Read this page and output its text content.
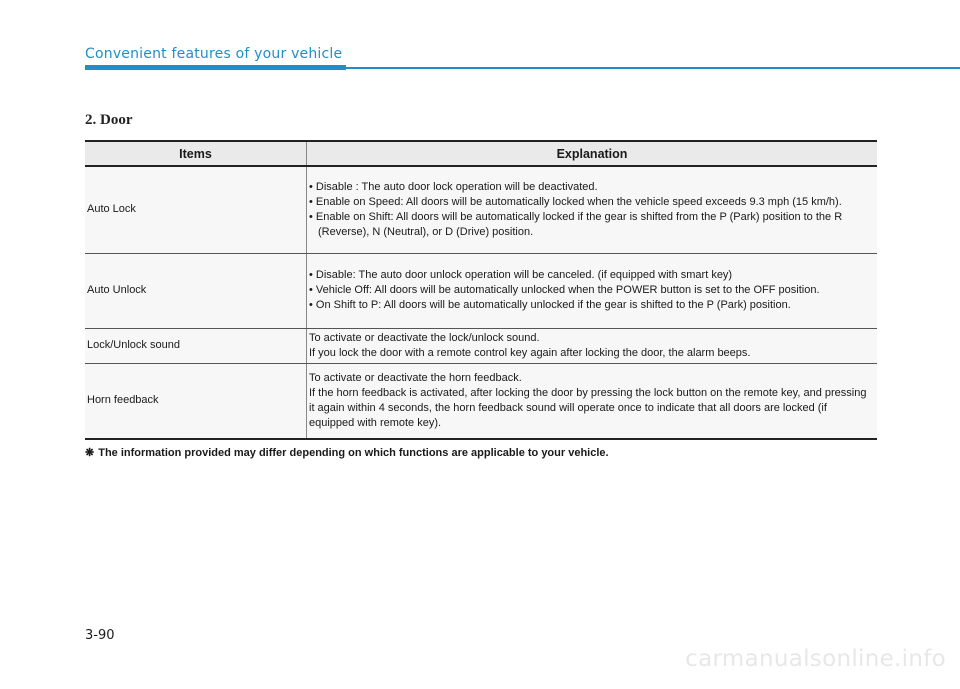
Convenient features of your vehicle
2. Door
Items	Explanation
Auto Lock	• Disable : The auto door lock operation will be deactivated.
• Enable on Speed: All doors will be automatically locked when the vehicle speed exceeds 9.3 mph (15 km/h).
• Enable on Shift: All doors will be automatically locked if the gear is shifted from the P (Park) position to the R (Reverse), N (Neutral), or D (Drive) position.

Auto Unlock	• Disable: The auto door unlock operation will be canceled. (if equipped with smart key)
• Vehicle Off: All doors will be automatically unlocked when the POWER button is set to the OFF position.
• On Shift to P: All doors will be automatically unlocked if the gear is shifted to the P (Park) position.

Lock/Unlock sound	To activate or deactivate the lock/unlock sound.
If you lock the door with a remote control key again after locking the door, the alarm beeps.

Horn feedback	To activate or deactivate the horn feedback.
If the horn feedback is activated, after locking the door by pressing the lock button on the remote key, and pressing it again within 4 seconds, the horn feedback sound will operate once to indicate that all doors are locked (if equipped with remote key).
❋ The information provided may differ depending on which functions are applicable to your vehicle.
3-90
carmanualsonline.info
